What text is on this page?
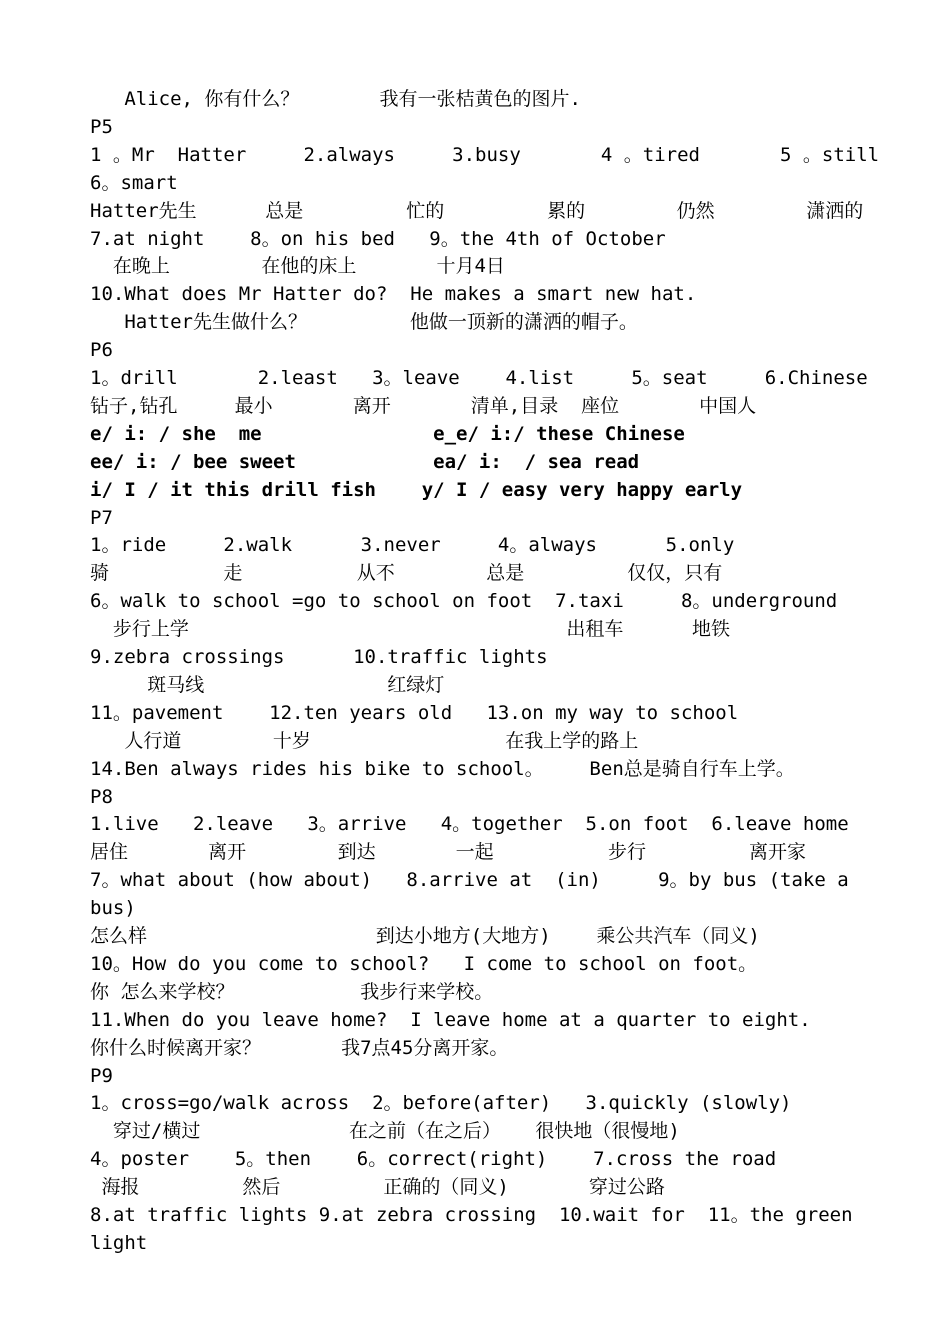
Alice, 你有什么？       我有一张桔黄色的图片.
P5
1 。Mr  Hatter     2.always     3.busy       4 。tired       5 。still
6。smart
Hatter先生      总是         忙的         累的        仍然        潇洒的
7.at night    8。on his bed   9。the 4th of October
在晚上        在他的床上       十月4日
10.What does Mr Hatter do?  He makes a smart new hat.
Hatter先生做什么？         他做一顶新的潇洒的帽子。
P6
1。drill       2.least   3。leave    4.list     5。seat     6.Chinese
钻子,钻孔     最小       离开       清单,目录  座位       中国人
e/ i: / she  me               e_e/ i:/ these Chinese
ee/ i: / bee sweet            ea/ i:  / sea read
i/ I / it this drill fish    y/ I / easy very happy early
P7
1。ride     2.walk      3.never     4。always      5.only
骑          走          从不        总是         仅仅，只有
6。walk to school =go to school on foot  7.taxi     8。underground
步行上学                                 出租车      地铁
9.zebra crossings      10.traffic lights
斑马线                红绿灯
11。pavement    12.ten years old   13.on my way to school
人行道        十岁                 在我上学的路上
14.Ben always rides his bike to school。    Ben总是骑自行车上学。
P8
1.live   2.leave   3。arrive   4。together  5.on foot  6.leave home
居住       离开        到达       一起          步行         离开家
7。what about (how about)   8.arrive at  (in)     9。by bus (take a
bus)
怎么样                    到达小地方(大地方)    乘公共汽车（同义)
10。How do you come to school?   I come to school on foot。
你 怎么来学校？           我步行来学校。
11.When do you leave home?  I leave home at a quarter to eight.
你什么时候离开家？       我7点45分离开家。
P9
1。cross=go/walk across  2。before(after)   3.quickly (slowly)
穿过/横过             在之前（在之后）   很快地（很慢地)
4。poster    5。then    6。correct(right)    7.cross the road
海报         然后         正确的（同义)       穿过公路
8.at traffic lights 9.at zebra crossing  10.wait for  11。the green
light
